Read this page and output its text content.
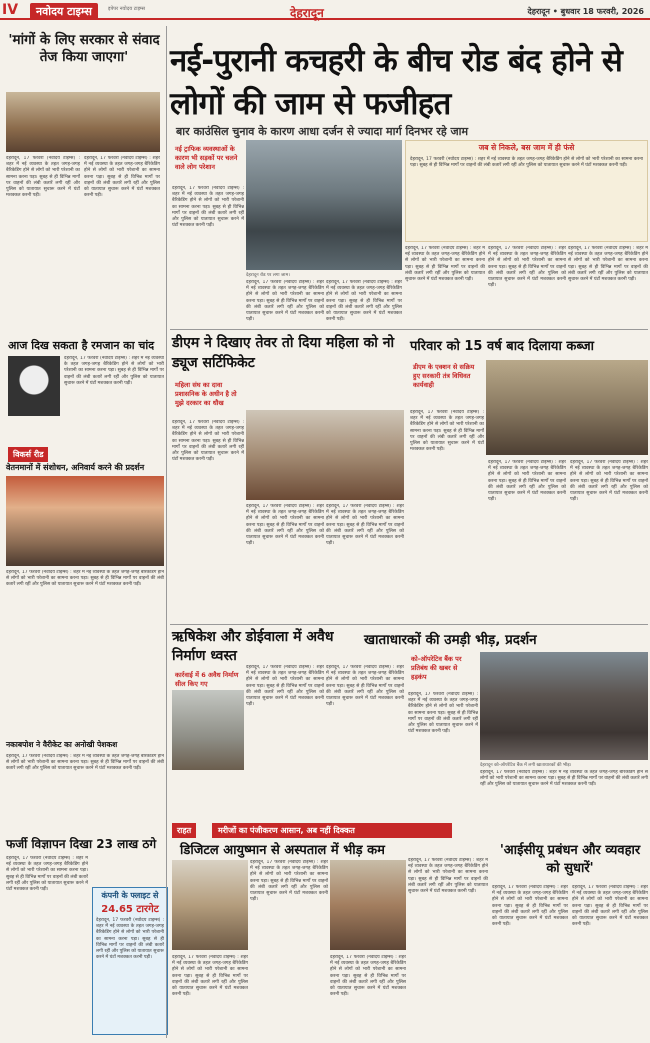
IV	नवोदय टाइम्स	इपेपर नवोदय टाइम्स	देहरादून	देहरादून • बुधवार 18 फरवरी, 2026
'मांगों के लिए सरकार से संवाद तेज किया जाएगा'
देहरादून, 17 फरवरी (नवोदय टाइम्स) : शहर में नई व्यवस्था के तहत जगह-जगह बैरिकेडिंग होने से लोगों को भारी परेशानी का सामना करना पड़ा। सुबह से ही विभिन्न मार्गों पर वाहनों की लंबी कतारें लगी रहीं और पुलिस को यातायात सुचारू करने में घंटों मशक्कत करनी पड़ी।
देहरादून, 17 फरवरी (नवोदय टाइम्स) : शहर में नई व्यवस्था के तहत जगह-जगह बैरिकेडिंग होने से लोगों को भारी परेशानी का सामना करना पड़ा। सुबह से ही विभिन्न मार्गों पर वाहनों की लंबी कतारें लगी रहीं और पुलिस को यातायात सुचारू करने में घंटों मशक्कत करनी पड़ी।
आज दिख सकता है रमजान का चांद
देहरादून, 17 फरवरी (नवोदय टाइम्स) : शहर में नई व्यवस्था के तहत जगह-जगह बैरिकेडिंग होने से लोगों को भारी परेशानी का सामना करना पड़ा। सुबह से ही विभिन्न मार्गों पर वाहनों की लंबी कतारें लगी रहीं और पुलिस को यातायात सुचारू करने में घंटों मशक्कत करनी पड़ी।
विकर्स रीड
वेतनमानों में संशोधन, अनिवार्य करने की प्रदर्शन
देहरादून, 17 फरवरी (नवोदय टाइम्स) : शहर में नई व्यवस्था के तहत जगह-जगह बैरिकेडिंग होने से लोगों को भारी परेशानी का सामना करना पड़ा। सुबह से ही विभिन्न मार्गों पर वाहनों की लंबी कतारें लगी रहीं और पुलिस को यातायात सुचारू करने में घंटों मशक्कत करनी पड़ी।
नकाबपोश ने वैरीकेट का अनोखी पेशकश
देहरादून, 17 फरवरी (नवोदय टाइम्स) : शहर में नई व्यवस्था के तहत जगह-जगह बैरिकेडिंग होने से लोगों को भारी परेशानी का सामना करना पड़ा। सुबह से ही विभिन्न मार्गों पर वाहनों की लंबी कतारें लगी रहीं और पुलिस को यातायात सुचारू करने में घंटों मशक्कत करनी पड़ी।
फर्जी विज्ञापन दिखा 23 लाख ठगे
देहरादून, 17 फरवरी (नवोदय टाइम्स) : शहर में नई व्यवस्था के तहत जगह-जगह बैरिकेडिंग होने से लोगों को भारी परेशानी का सामना करना पड़ा। सुबह से ही विभिन्न मार्गों पर वाहनों की लंबी कतारें लगी रहीं और पुलिस को यातायात सुचारू करने में घंटों मशक्कत करनी पड़ी।
कंपनी के फ्लाइट से
24.65 टारगेट
देहरादून, 17 फरवरी (नवोदय टाइम्स) : शहर में नई व्यवस्था के तहत जगह-जगह बैरिकेडिंग होने से लोगों को भारी परेशानी का सामना करना पड़ा। सुबह से ही विभिन्न मार्गों पर वाहनों की लंबी कतारें लगी रहीं और पुलिस को यातायात सुचारू करने में घंटों मशक्कत करनी पड़ी।
नई-पुरानी कचहरी के बीच रोड बंद होने से लोगों की जाम से फजीहत
बार काउंसिल चुनाव के कारण आधा दर्जन से ज्यादा मार्ग दिनभर रहे जाम
नई ट्राफिक व्यवस्थाओं के कारण भी सड़कों पर चलने वाले लोग परेशान
देहरादून, 17 फरवरी (नवोदय टाइम्स) : शहर में नई व्यवस्था के तहत जगह-जगह बैरिकेडिंग होने से लोगों को भारी परेशानी का सामना करना पड़ा। सुबह से ही विभिन्न मार्गों पर वाहनों की लंबी कतारें लगी रहीं और पुलिस को यातायात सुचारू करने में घंटों मशक्कत करनी पड़ी।
देहरादून रोड पर लगा जाम।
जब से निकले, बस जाम में ही फंसे
देहरादून, 17 फरवरी (नवोदय टाइम्स) : शहर में नई व्यवस्था के तहत जगह-जगह बैरिकेडिंग होने से लोगों को भारी परेशानी का सामना करना पड़ा। सुबह से ही विभिन्न मार्गों पर वाहनों की लंबी कतारें लगी रहीं और पुलिस को यातायात सुचारू करने में घंटों मशक्कत करनी पड़ी।
देहरादून, 17 फरवरी (नवोदय टाइम्स) : शहर में नई व्यवस्था के तहत जगह-जगह बैरिकेडिंग होने से लोगों को भारी परेशानी का सामना करना पड़ा। सुबह से ही विभिन्न मार्गों पर वाहनों की लंबी कतारें लगी रहीं और पुलिस को यातायात सुचारू करने में घंटों मशक्कत करनी पड़ी।
देहरादून, 17 फरवरी (नवोदय टाइम्स) : शहर में नई व्यवस्था के तहत जगह-जगह बैरिकेडिंग होने से लोगों को भारी परेशानी का सामना करना पड़ा। सुबह से ही विभिन्न मार्गों पर वाहनों की लंबी कतारें लगी रहीं और पुलिस को यातायात सुचारू करने में घंटों मशक्कत करनी पड़ी।
देहरादून, 17 फरवरी (नवोदय टाइम्स) : शहर में नई व्यवस्था के तहत जगह-जगह बैरिकेडिंग होने से लोगों को भारी परेशानी का सामना करना पड़ा। सुबह से ही विभिन्न मार्गों पर वाहनों की लंबी कतारें लगी रहीं और पुलिस को यातायात सुचारू करने में घंटों मशक्कत करनी पड़ी।
देहरादून, 17 फरवरी (नवोदय टाइम्स) : शहर में नई व्यवस्था के तहत जगह-जगह बैरिकेडिंग होने से लोगों को भारी परेशानी का सामना करना पड़ा। सुबह से ही विभिन्न मार्गों पर वाहनों की लंबी कतारें लगी रहीं और पुलिस को यातायात सुचारू करने में घंटों मशक्कत करनी पड़ी।
देहरादून, 17 फरवरी (नवोदय टाइम्स) : शहर में नई व्यवस्था के तहत जगह-जगह बैरिकेडिंग होने से लोगों को भारी परेशानी का सामना करना पड़ा। सुबह से ही विभिन्न मार्गों पर वाहनों की लंबी कतारें लगी रहीं और पुलिस को यातायात सुचारू करने में घंटों मशक्कत करनी पड़ी।
डीएम ने दिखाए तेवर तो दिया महिला को नो ड्यूज सर्टिफिकेट
महिला संघ का दावा प्रशासनिक के अधीन है तो मुझे दरकार का धौख
देहरादून, 17 फरवरी (नवोदय टाइम्स) : शहर में नई व्यवस्था के तहत जगह-जगह बैरिकेडिंग होने से लोगों को भारी परेशानी का सामना करना पड़ा। सुबह से ही विभिन्न मार्गों पर वाहनों की लंबी कतारें लगी रहीं और पुलिस को यातायात सुचारू करने में घंटों मशक्कत करनी पड़ी।
देहरादून, 17 फरवरी (नवोदय टाइम्स) : शहर में नई व्यवस्था के तहत जगह-जगह बैरिकेडिंग होने से लोगों को भारी परेशानी का सामना करना पड़ा। सुबह से ही विभिन्न मार्गों पर वाहनों की लंबी कतारें लगी रहीं और पुलिस को यातायात सुचारू करने में घंटों मशक्कत करनी पड़ी।
देहरादून, 17 फरवरी (नवोदय टाइम्स) : शहर में नई व्यवस्था के तहत जगह-जगह बैरिकेडिंग होने से लोगों को भारी परेशानी का सामना करना पड़ा। सुबह से ही विभिन्न मार्गों पर वाहनों की लंबी कतारें लगी रहीं और पुलिस को यातायात सुचारू करने में घंटों मशक्कत करनी पड़ी।
परिवार को 15 वर्ष बाद दिलाया कब्जा
डीएम के एक्शन से सक्रिय हुए सरकारी तंत्र विधिवत कार्यवाही
देहरादून, 17 फरवरी (नवोदय टाइम्स) : शहर में नई व्यवस्था के तहत जगह-जगह बैरिकेडिंग होने से लोगों को भारी परेशानी का सामना करना पड़ा। सुबह से ही विभिन्न मार्गों पर वाहनों की लंबी कतारें लगी रहीं और पुलिस को यातायात सुचारू करने में घंटों मशक्कत करनी पड़ी।
देहरादून, 17 फरवरी (नवोदय टाइम्स) : शहर में नई व्यवस्था के तहत जगह-जगह बैरिकेडिंग होने से लोगों को भारी परेशानी का सामना करना पड़ा। सुबह से ही विभिन्न मार्गों पर वाहनों की लंबी कतारें लगी रहीं और पुलिस को यातायात सुचारू करने में घंटों मशक्कत करनी पड़ी।
देहरादून, 17 फरवरी (नवोदय टाइम्स) : शहर में नई व्यवस्था के तहत जगह-जगह बैरिकेडिंग होने से लोगों को भारी परेशानी का सामना करना पड़ा। सुबह से ही विभिन्न मार्गों पर वाहनों की लंबी कतारें लगी रहीं और पुलिस को यातायात सुचारू करने में घंटों मशक्कत करनी पड़ी।
ऋषिकेश और डोईवाला में अवैध निर्माण ध्वस्त
कार्रवाई में 6 अवैध निर्माण सील किए गए
देहरादून, 17 फरवरी (नवोदय टाइम्स) : शहर में नई व्यवस्था के तहत जगह-जगह बैरिकेडिंग होने से लोगों को भारी परेशानी का सामना करना पड़ा। सुबह से ही विभिन्न मार्गों पर वाहनों की लंबी कतारें लगी रहीं और पुलिस को यातायात सुचारू करने में घंटों मशक्कत करनी पड़ी।
देहरादून, 17 फरवरी (नवोदय टाइम्स) : शहर में नई व्यवस्था के तहत जगह-जगह बैरिकेडिंग होने से लोगों को भारी परेशानी का सामना करना पड़ा। सुबह से ही विभिन्न मार्गों पर वाहनों की लंबी कतारें लगी रहीं और पुलिस को यातायात सुचारू करने में घंटों मशक्कत करनी पड़ी।
खाताधारकों की उमड़ी भीड़, प्रदर्शन
को-ऑपरेटिव बैंक पर प्रतिबंध की खबर से हड़कंप
देहरादून को-ऑपरेटिव बैंक में लगी खाताधारकों की भीड़।
देहरादून, 17 फरवरी (नवोदय टाइम्स) : शहर में नई व्यवस्था के तहत जगह-जगह बैरिकेडिंग होने से लोगों को भारी परेशानी का सामना करना पड़ा। सुबह से ही विभिन्न मार्गों पर वाहनों की लंबी कतारें लगी रहीं और पुलिस को यातायात सुचारू करने में घंटों मशक्कत करनी पड़ी।
देहरादून, 17 फरवरी (नवोदय टाइम्स) : शहर में नई व्यवस्था के तहत जगह-जगह बैरिकेडिंग होने से लोगों को भारी परेशानी का सामना करना पड़ा। सुबह से ही विभिन्न मार्गों पर वाहनों की लंबी कतारें लगी रहीं और पुलिस को यातायात सुचारू करने में घंटों मशक्कत करनी पड़ी।
राहत	मरीजों का पंजीकरण आसान, अब नहीं दिक्कत
डिजिटल आयुष्मान से अस्पताल में भीड़ कम
देहरादून, 17 फरवरी (नवोदय टाइम्स) : शहर में नई व्यवस्था के तहत जगह-जगह बैरिकेडिंग होने से लोगों को भारी परेशानी का सामना करना पड़ा। सुबह से ही विभिन्न मार्गों पर वाहनों की लंबी कतारें लगी रहीं और पुलिस को यातायात सुचारू करने में घंटों मशक्कत करनी पड़ी।
देहरादून, 17 फरवरी (नवोदय टाइम्स) : शहर में नई व्यवस्था के तहत जगह-जगह बैरिकेडिंग होने से लोगों को भारी परेशानी का सामना करना पड़ा। सुबह से ही विभिन्न मार्गों पर वाहनों की लंबी कतारें लगी रहीं और पुलिस को यातायात सुचारू करने में घंटों मशक्कत करनी पड़ी।
देहरादून, 17 फरवरी (नवोदय टाइम्स) : शहर में नई व्यवस्था के तहत जगह-जगह बैरिकेडिंग होने से लोगों को भारी परेशानी का सामना करना पड़ा। सुबह से ही विभिन्न मार्गों पर वाहनों की लंबी कतारें लगी रहीं और पुलिस को यातायात सुचारू करने में घंटों मशक्कत करनी पड़ी।
देहरादून, 17 फरवरी (नवोदय टाइम्स) : शहर में नई व्यवस्था के तहत जगह-जगह बैरिकेडिंग होने से लोगों को भारी परेशानी का सामना करना पड़ा। सुबह से ही विभिन्न मार्गों पर वाहनों की लंबी कतारें लगी रहीं और पुलिस को यातायात सुचारू करने में घंटों मशक्कत करनी पड़ी।
'आईसीयू प्रबंधन और व्यवहार को सुधारें'
देहरादून, 17 फरवरी (नवोदय टाइम्स) : शहर में नई व्यवस्था के तहत जगह-जगह बैरिकेडिंग होने से लोगों को भारी परेशानी का सामना करना पड़ा। सुबह से ही विभिन्न मार्गों पर वाहनों की लंबी कतारें लगी रहीं और पुलिस को यातायात सुचारू करने में घंटों मशक्कत करनी पड़ी।
देहरादून, 17 फरवरी (नवोदय टाइम्स) : शहर में नई व्यवस्था के तहत जगह-जगह बैरिकेडिंग होने से लोगों को भारी परेशानी का सामना करना पड़ा। सुबह से ही विभिन्न मार्गों पर वाहनों की लंबी कतारें लगी रहीं और पुलिस को यातायात सुचारू करने में घंटों मशक्कत करनी पड़ी।
